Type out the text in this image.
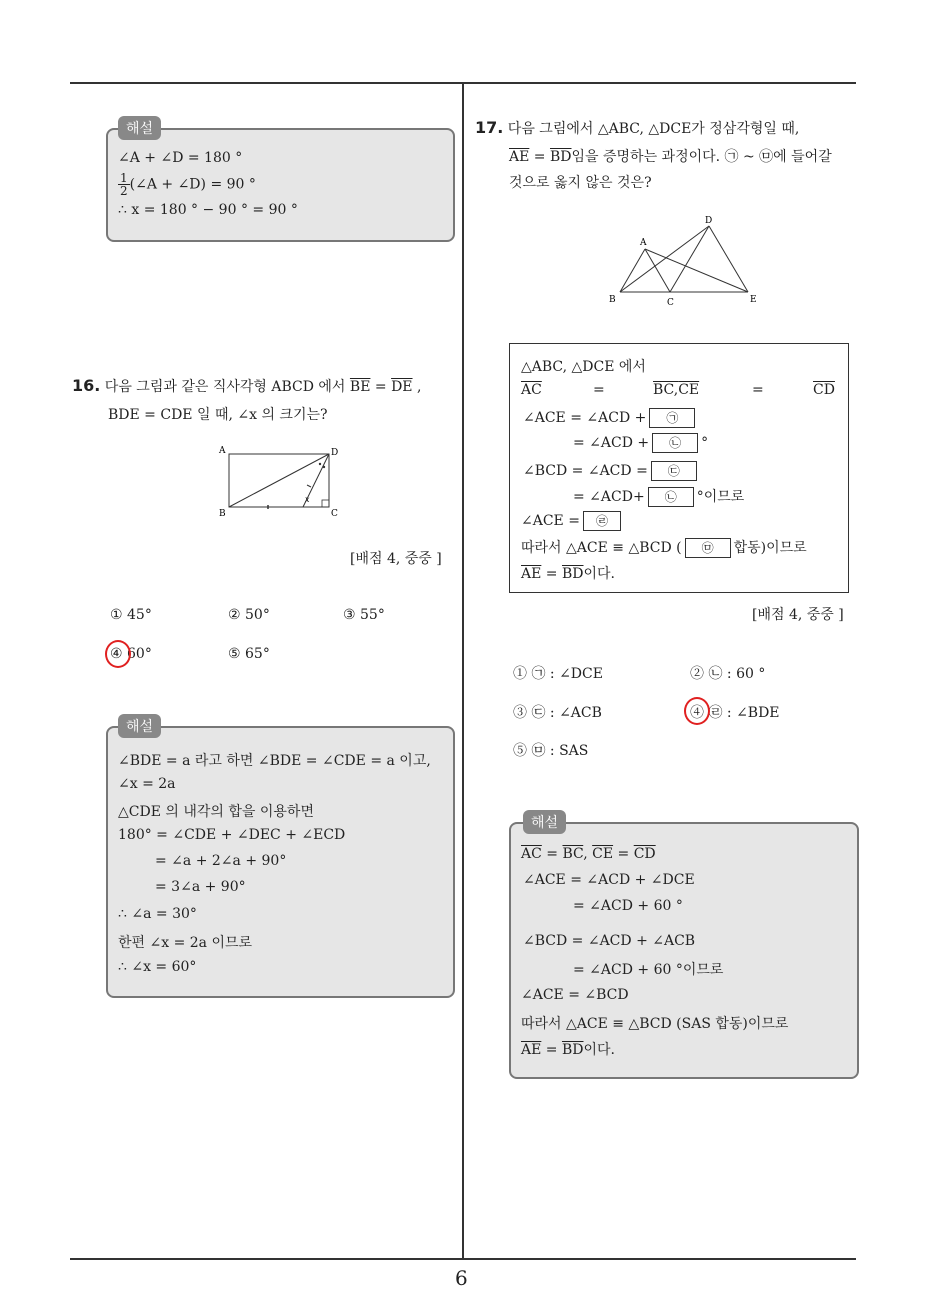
6
해설
∠A + ∠D = 180 °
$\frac{1}{2}$ (∠A + ∠D) = 90 °
∴ x = 180 ° − 90 ° = 90 °
16. 다음 그림과 같은 직사각형 ABCD 에서 $\overline{BE} = \overline{DE}$ ,
BDE = CDE 일 때, ∠x 의 크기는?
A	D
B	C
x
[배점 4, 중중 ]
① 45°	② 50°	③ 55°
④ 60°	⑤ 65°
해설
∠BDE = a 라고 하면 ∠BDE = ∠CDE = a 이고,
∠x = 2a
△CDE 의 내각의 합을 이용하면
180° = ∠CDE + ∠DEC + ∠ECD
= ∠a + 2∠a + 90°
= 3∠a + 90°
∴ ∠a = 30°
한편 ∠x = 2a 이므로
∴ ∠x = 60°
17. 다음 그림에서 △ABC, △DCE가 정삼각형일 때,
$\overline{AE} = \overline{BD}$임을 증명하는 과정이다. ㉠ ~ ㉤에 들어갈
것으로 옳지 않은 것은?
A
D
B	C	E
△ABC, △DCE 에서
$\overline{AC}$	=	$BC,\overline{CE}$	=	$\overline{CD}$
∠ACE = ∠ACD + ㉠
= ∠ACD + ㉡ °
∠BCD = ∠ACD = ㉢
= ∠ACD+ ㉡ °이므로
∠ACE = ㉣
따라서 △ACE ≡ △BCD ( ㉤ 합동)이므로
$\overline{AE} = \overline{BD}$이다.
[배점 4, 중중 ]
① ㉠ : ∠DCE	② ㉡ : 60 °
③ ㉢ : ∠ACB	④ ㉣ : ∠BDE
⑤ ㉤ : SAS
해설
$\overline{AC} = \overline{BC}$, $\overline{CE} = \overline{CD}$
∠ACE = ∠ACD + ∠DCE
= ∠ACD + 60 °
∠BCD = ∠ACD + ∠ACB
= ∠ACD + 60 °이므로
∠ACE = ∠BCD
따라서 △ACE ≡ △BCD (SAS 합동)이므로
$\overline{AE} = \overline{BD}$이다.
